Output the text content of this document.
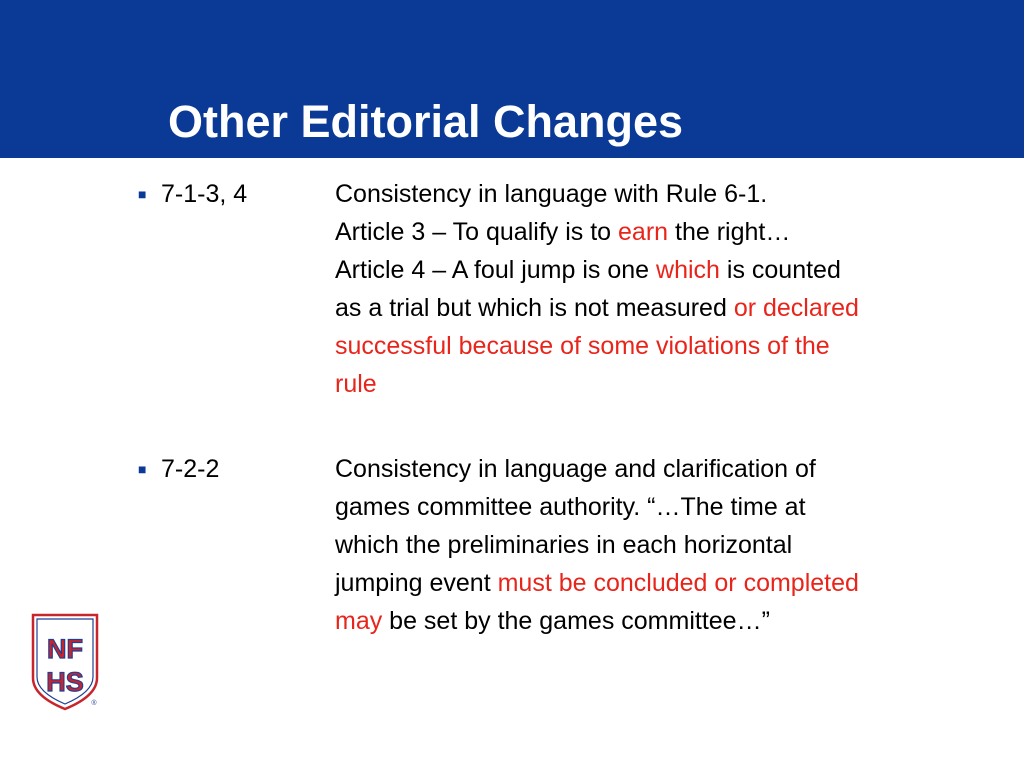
Other Editorial Changes
■ 7-1-3, 4	Consistency in language with Rule 6-1.
Article 3 – To qualify is to earn the right…
Article 4 – A foul jump is one which is counted
as a trial but which is not measured or declared
successful because of some violations of the
rule
■ 7-2-2	Consistency in language and clarification of
games committee authority. “…The time at
which the preliminaries in each horizontal
jumping event must be concluded or completed
may be set by the games committee…”
NF
HS
®
